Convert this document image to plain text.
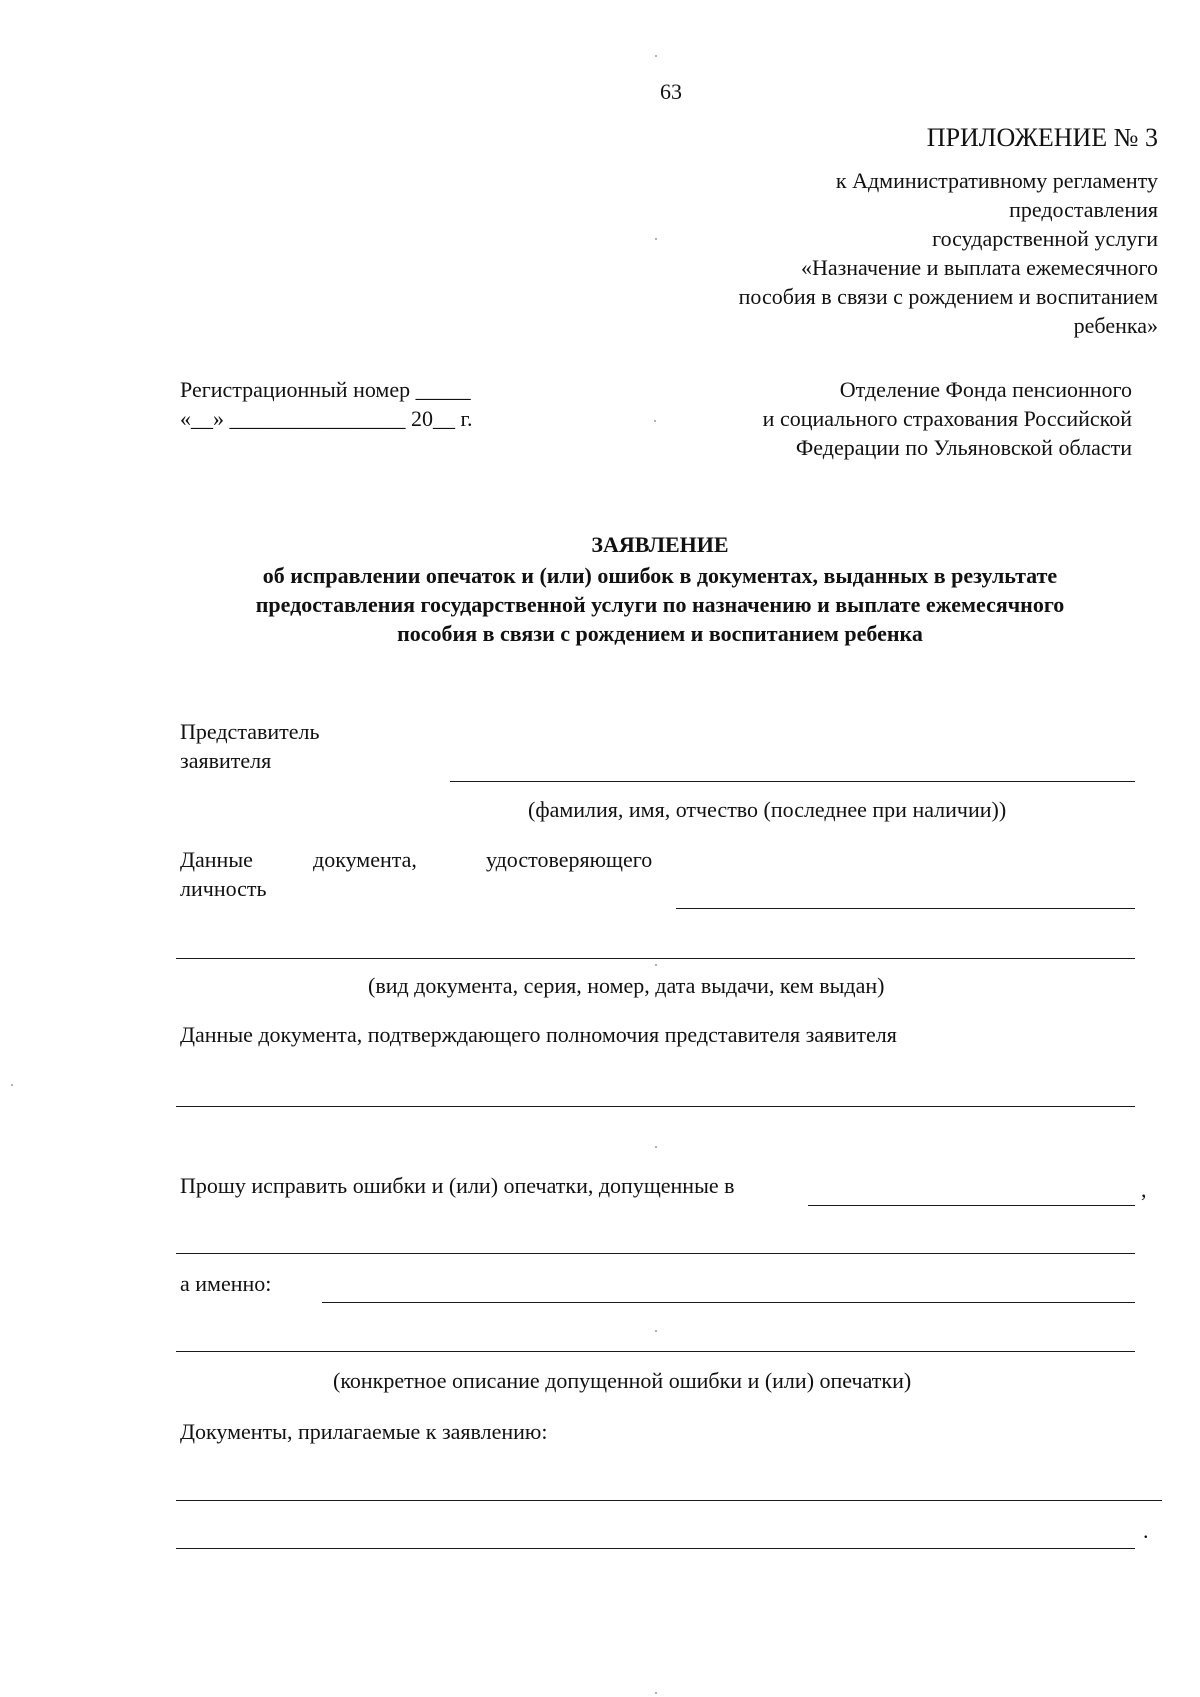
63
ПРИЛОЖЕНИЕ № 3
к Административному регламенту
предоставления
государственной услуги
«Назначение и выплата ежемесячного
пособия в связи с рождением и воспитанием
ребенка»
Регистрационный номер _____
«__» ________________ 20__ г.
Отделение Фонда пенсионного
и социального страхования Российской
Федерации по Ульяновской области
ЗАЯВЛЕНИЕ
об исправлении опечаток и (или) ошибок в документах, выданных в результате
предоставления государственной услуги по назначению и выплате ежемесячного
пособия в связи с рождением и воспитанием ребенка
Представитель
заявителя
(фамилия, имя, отчество (последнее при наличии))
Данные	документа,	удостоверяющего
личность
(вид документа, серия, номер, дата выдачи, кем выдан)
Данные документа, подтверждающего полномочия представителя заявителя
Прошу исправить ошибки и (или) опечатки, допущенные в	,
а именно:
(конкретное описание допущенной ошибки и (или) опечатки)
Документы, прилагаемые к заявлению:
.
